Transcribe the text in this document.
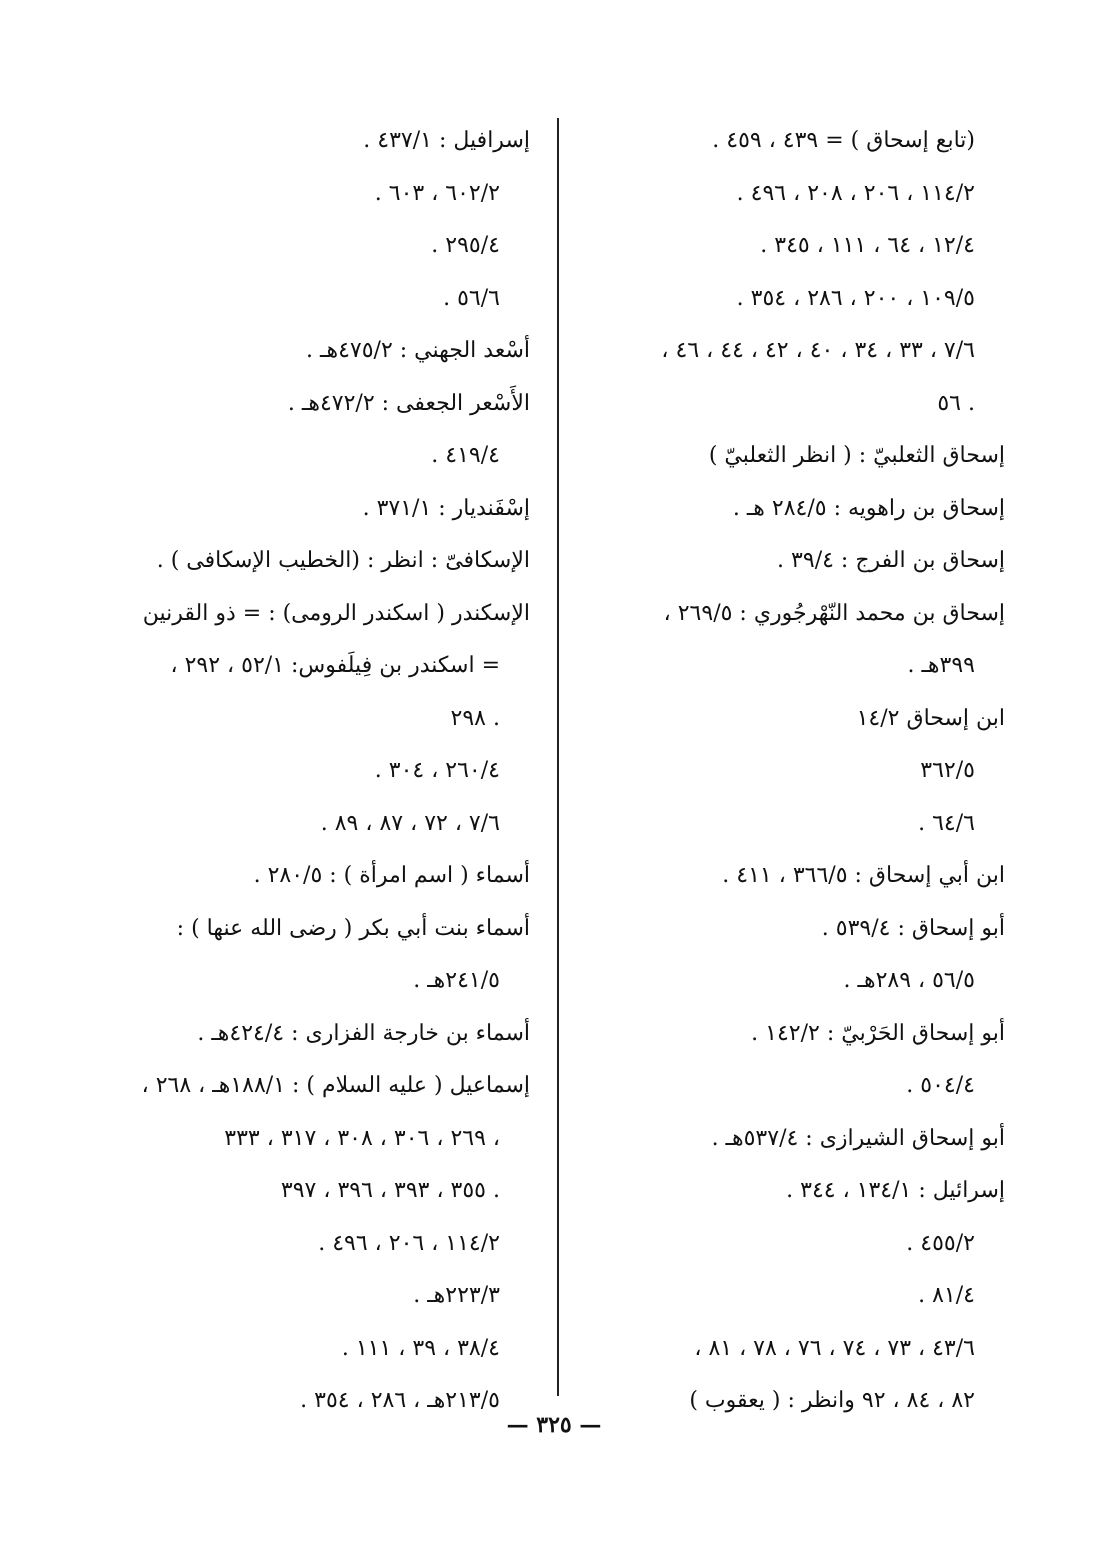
(تابع إسحاق ) = ٤٣٩ ، ٤٥٩ .
٢/‏١١٤ ، ٢٠٦ ، ٢٠٨ ، ٤٩٦ .
٤/‏١٢ ، ٦٤ ، ١١١ ، ٣٤٥ .
٥/‏١٠٩ ، ٢٠٠ ، ٢٨٦ ، ٣٥٤ .
٦/‏٧ ، ٣٣ ، ٣٤ ، ٤٠ ، ٤٢ ، ٤٤ ، ٤٦ ،
٥٦ .
إسحاق الثعلبيّ : ( انظر الثعلبيّ )
إسحاق بن راهويه : ٥/‏٢٨٤ هـ .
إسحاق بن الفرج : ٤/‏٣٩ .
إسحاق بن محمد النّهْرجُوري : ٥/‏٢٦٩ ،
٣٩٩هـ .
ابن إسحاق ٢/‏١٤
٥/‏٣٦٢
٦/‏٦٤ .
ابن أبي إسحاق : ٥/‏٣٦٦ ، ٤١١ .
أبو إسحاق : ٤/‏٥٣٩ .
٥/‏٥٦ ، ٢٨٩هـ .
أبو إسحاق الحَرْبيّ : ٢/‏١٤٢ .
٤/‏٥٠٤ .
أبو إسحاق الشيرازى : ٤/‏٥٣٧هـ .
إسرائيل : ١/‏١٣٤ ، ٣٤٤ .
٢/‏٤٥٥ .
٤/‏٨١ .
٦/‏٤٣ ، ٧٣ ، ٧٤ ، ٧٦ ، ٧٨ ، ٨١ ،
٨٢ ، ٨٤ ، ٩٢ وانظر : ( يعقوب )
إسرافيل : ١/‏٤٣٧ .
٢/‏٦٠٢ ، ٦٠٣ .
٤/‏٢٩٥ .
٦/‏٥٦ .
أسْعد الجهني : ٢/‏٤٧٥هـ .
الأَسْعر الجعفى : ٢/‏٤٧٢هـ .
٤/‏٤١٩ .
إسْفَنديار : ١/‏٣٧١ .
الإسكافىّ : انظر : (الخطيب الإسكافى ) .
الإسكندر ( اسكندر الرومى) : = ذو القرنين
= اسكندر بن فِيلَفوس: ١/‏٥٢ ، ٢٩٢ ،
٢٩٨ .
٤/‏٢٦٠ ، ٣٠٤ .
٦/‏٧ ، ٧٢ ، ٨٧ ، ٨٩ .
أسماء ( اسم امرأة ) : ٥/‏٢٨٠ .
أسماء بنت أبي بكر ( رضى الله عنها ) :
٥/‏٢٤١هـ .
أسماء بن خارجة الفزارى : ٤/‏٤٢٤هـ .
إسماعيل ( عليه السلام ) : ١/‏١٨٨هـ ، ٢٦٨ ،
٢٦٩ ، ٣٠٦ ، ٣٠٨ ، ٣١٧ ، ٣٣٣ ،
٣٥٥ ، ٣٩٣ ، ٣٩٦ ، ٣٩٧ .
٢/‏١١٤ ، ٢٠٦ ، ٤٩٦ .
٣/‏٢٢٣هـ .
٤/‏٣٨ ، ٣٩ ، ١١١ .
٥/‏٢١٣هـ ، ٢٨٦ ، ٣٥٤ .
— ٣٢٥ —
